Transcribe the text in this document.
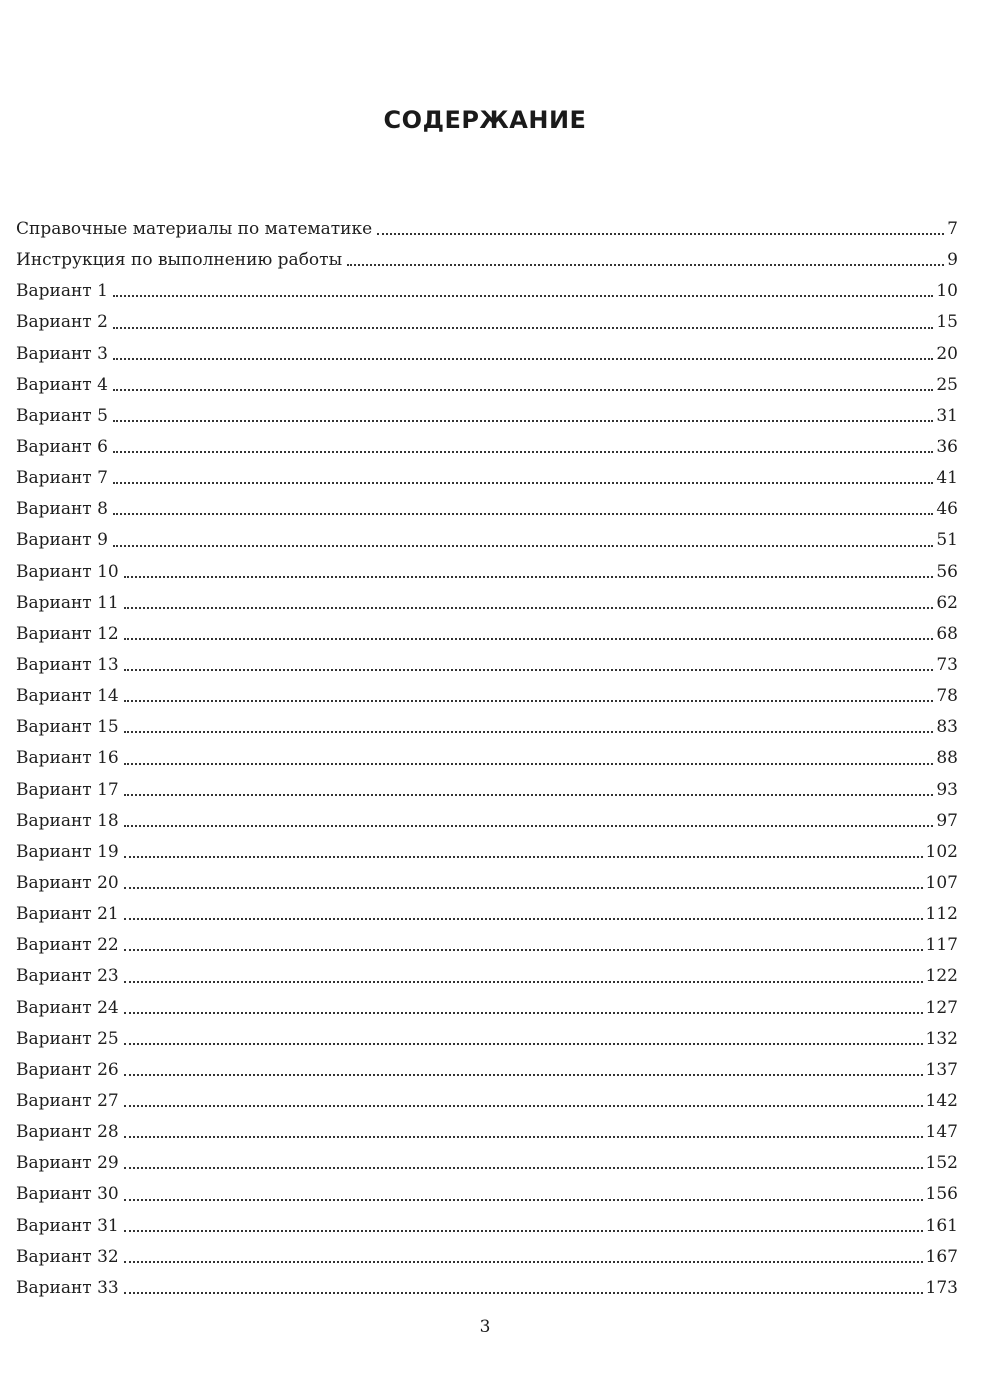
СОДЕРЖАНИЕ
Справочные материалы по математике	7
Инструкция по выполнению работы	9
Вариант 1	10
Вариант 2	15
Вариант 3	20
Вариант 4	25
Вариант 5	31
Вариант 6	36
Вариант 7	41
Вариант 8	46
Вариант 9	51
Вариант 10	56
Вариант 11	62
Вариант 12	68
Вариант 13	73
Вариант 14	78
Вариант 15	83
Вариант 16	88
Вариант 17	93
Вариант 18	97
Вариант 19	102
Вариант 20	107
Вариант 21	112
Вариант 22	117
Вариант 23	122
Вариант 24	127
Вариант 25	132
Вариант 26	137
Вариант 27	142
Вариант 28	147
Вариант 29	152
Вариант 30	156
Вариант 31	161
Вариант 32	167
Вариант 33	173
3
